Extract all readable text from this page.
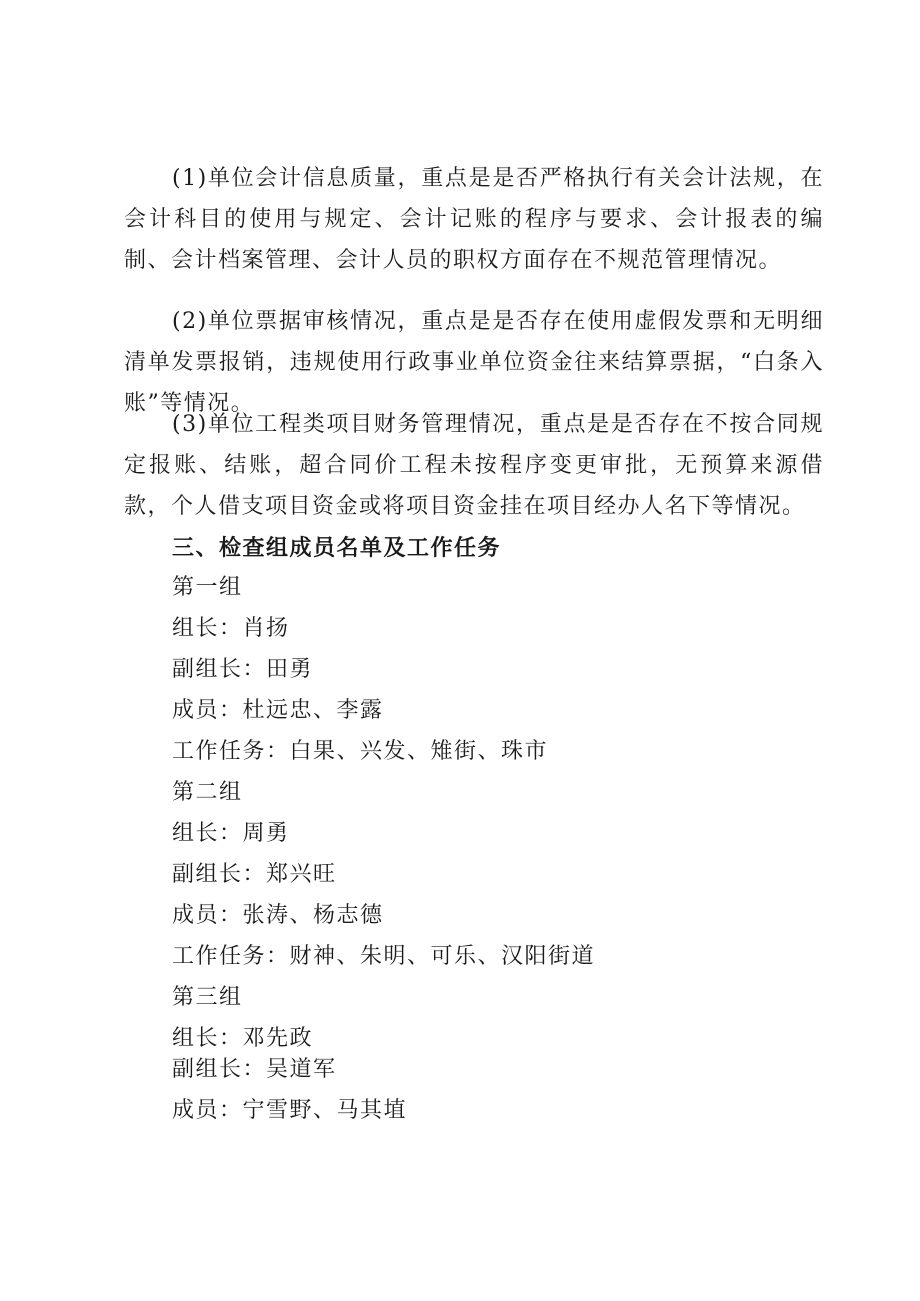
(1)单位会计信息质量，重点是是否严格执行有关会计法规，在会计科目的使用与规定、会计记账的程序与要求、会计报表的编制、会计档案管理、会计人员的职权方面存在不规范管理情况。

(2)单位票据审核情况，重点是是否存在使用虚假发票和无明细清单发票报销，违规使用行政事业单位资金往来结算票据，“白条入账”等情况。

(3)单位工程类项目财务管理情况，重点是是否存在不按合同规定报账、结账，超合同价工程未按程序变更审批，无预算来源借款，个人借支项目资金或将项目资金挂在项目经办人名下等情况。

三、检查组成员名单及工作任务

第一组

组长：肖扬

副组长：田勇

成员：杜远忠、李露

工作任务：白果、兴发、雉街、珠市

第二组

组长：周勇

副组长：郑兴旺

成员：张涛、杨志德

工作任务：财神、朱明、可乐、汉阳街道

第三组

组长：邓先政

副组长：吴道军

成员：宁雪野、马其埴
